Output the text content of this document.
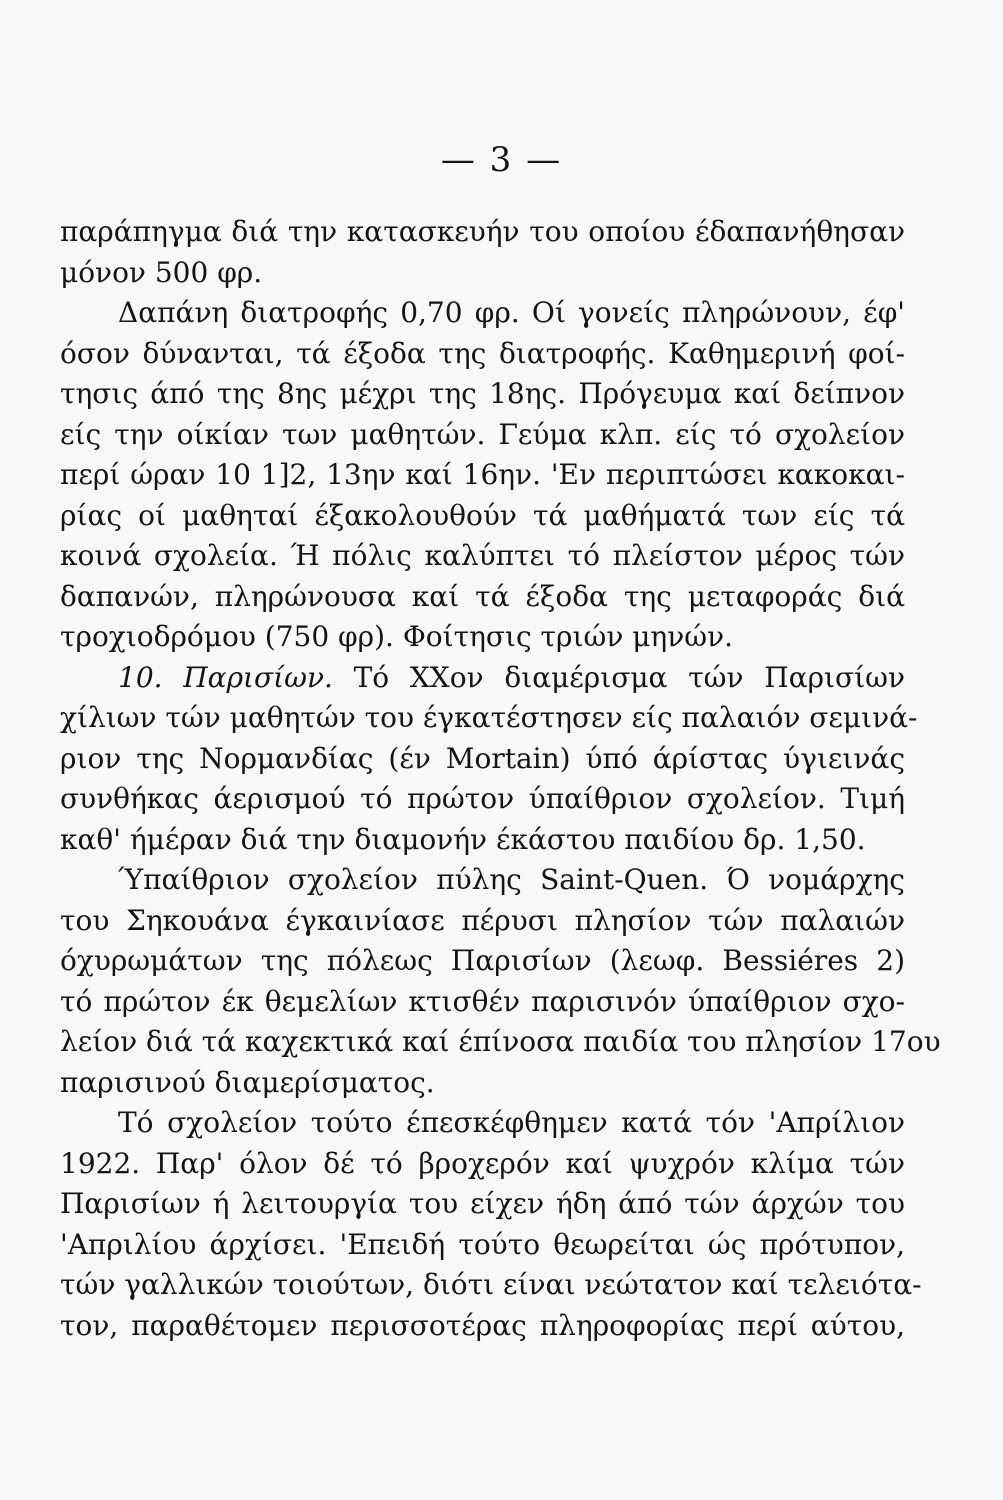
— 3 —
παράπηγμα διά την κατασκευήν του οποίου έδαπανήθησαν
μόνον 500 φρ.
Δαπάνη διατροφής 0,70 φρ. Οί γονείς πληρώνουν, έφ'
όσον δύνανται, τά έξοδα της διατροφής. Καθημερινή φοί-
τησις άπό της 8ης μέχρι της 18ης. Πρόγευμα καί δείπνον
είς την οίκίαν των μαθητών. Γεύμα κλπ. είς τό σχολείον
περί ώραν 10 1]2, 13ην καί 16ην. 'Εν περιπτώσει κακοκαι-
ρίας οί μαθηταί έξακολουθούν τά μαθήματά των είς τά
κοινά σχολεία. Ή πόλις καλύπτει τό πλείστον μέρος τών
δαπανών, πληρώνουσα καί τά έξοδα της μεταφοράς διά
τροχιοδρόμου (750 φρ). Φοίτησις τριών μηνών.
10. Παρισίων. Τό XXον διαμέρισμα τών Παρισίων
χίλιων τών μαθητών του έγκατέστησεν είς παλαιόν σεμινά-
ριον της Νορμανδίας (έν Mortain) ύπό άρίστας ύγιεινάς
συνθήκας άερισμού τό πρώτον ύπαίθριον σχολείον. Τιμή
καθ' ήμέραν διά την διαμονήν έκάστου παιδίου δρ. 1,50.
Ύπαίθριον σχολείον πύλης Saint-Quen. Ό νομάρχης
του Σηκουάνα έγκαινίασε πέρυσι πλησίον τών παλαιών
όχυρωμάτων της πόλεως Παρισίων (λεωφ. Bessiéres 2)
τό πρώτον έκ θεμελίων κτισθέν παρισινόν ύπαίθριον σχο-
λείον διά τά καχεκτικά καί έπίνοσα παιδία του πλησίον 17ου
παρισινού διαμερίσματος.
Τό σχολείον τούτο έπεσκέφθημεν κατά τόν 'Απρίλιον
1922. Παρ' όλον δέ τό βροχερόν καί ψυχρόν κλίμα τών
Παρισίων ή λειτουργία του είχεν ήδη άπό τών άρχών του
'Απριλίου άρχίσει. 'Επειδή τούτο θεωρείται ώς πρότυπον,
τών γαλλικών τοιούτων, διότι είναι νεώτατον καί τελειότα-
τον, παραθέτομεν περισσοτέρας πληροφορίας περί αύτου,
